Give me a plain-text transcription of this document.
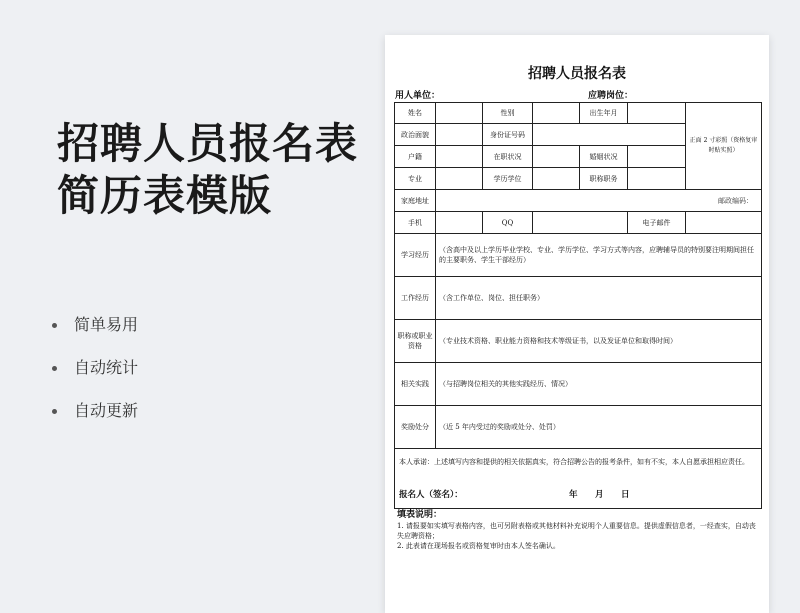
招聘人员报名表
简历表模版
简单易用
自动统计
自动更新
招聘人员报名表
用人单位：	应聘岗位：
姓名		性别		出生年月		正面 2 寸彩照（资格复审时贴实照）
政治面貌		身份证号码				
户籍		在职状况		婚姻状况		
专业		学历学位		职称职务		
家庭地址	邮政编码：					
手机		QQ			电子邮件	
学习经历	（含高中及以上学历毕业学校、专业、学历学位、学习方式等内容，应聘辅导员的特别要注明期间担任的主要职务、学生干部经历）					
工作经历	（含工作单位、岗位、担任职务）					
职称或职业资格	（专业技术资格、职业能力资格和技术等级证书，以及发证单位和取得时间）					
相关实践	（与招聘岗位相关的其他实践经历、情况）					
奖励处分	（近 5 年内受过的奖励或处分、处罚）					

本人承诺：上述填写内容和提供的相关依据真实，符合招聘公告的报考条件，如有不实，本人自愿承担相应责任。
报名人（签名）： 年 月 日						
填表说明：
1. 请报要如实填写表格内容，也可另附表格或其他材料补充说明个人重要信息。提供虚假信息者，一经查实，自动丧失应聘资格；
2. 此表请在现场报名或资格复审时由本人签名确认。
